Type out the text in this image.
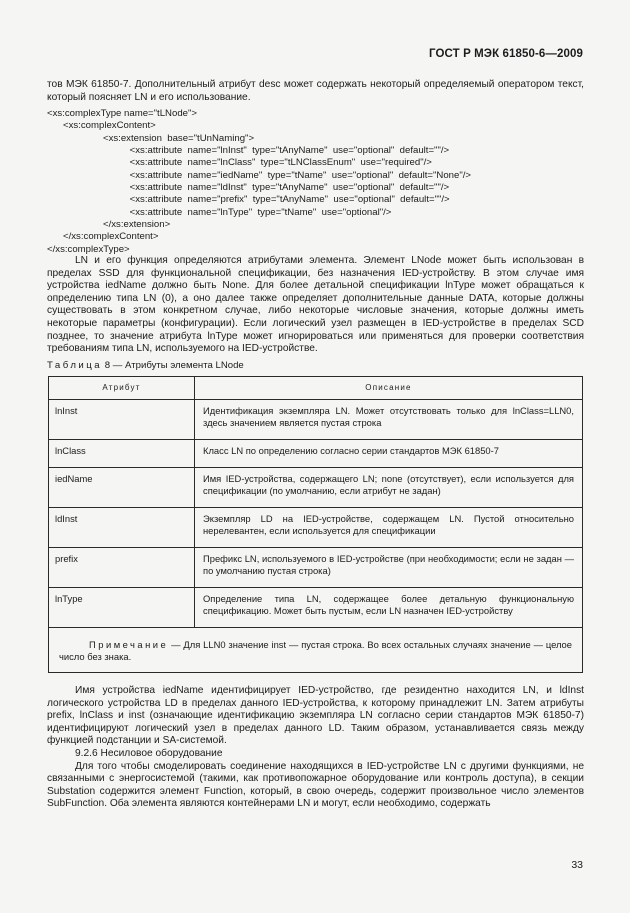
ГОСТ Р МЭК 61850-6—2009

тов МЭК 61850-7. Дополнительный атрибут desc может содержать некоторый определяемый оператором текст, который поясняет LN и его использование.

<xs:complexType name="tLNode">
<xs:complexContent>
<xs:extension  base="tUnNaming">
<xs:attribute  name="lnInst"  type="tAnyName"  use="optional"  default=""/>
<xs:attribute  name="lnClass"  type="tLNClassEnum"  use="required"/>
<xs:attribute  name="iedName"  type="tName"  use="optional"  default="None"/>
<xs:attribute  name="ldInst"  type="tAnyName"  use="optional"  default=""/>
<xs:attribute  name="prefix"  type="tAnyName"  use="optional"  default=""/>
<xs:attribute  name="lnType"  type="tName"  use="optional"/>
</xs:extension>
</xs:complexContent>
</xs:complexType>

LN и его функция определяются атрибутами элемента. Элемент LNode может быть использован в пределах SSD для функциональной спецификации, без назначения IED-устройству. В этом случае имя устройства iedName должно быть None. Для более детальной спецификации lnType может обращаться к определению типа LN (0), а оно далее также определяет дополнительные данные DATA, которые должны существовать в этом конкретном случае, либо некоторые числовые значения, которые должны иметь некоторые параметры (конфигурации). Если логический узел размещен в IED-устройстве в пределах SCD позднее, то значение атрибута lnType может игнорироваться или применяться для проверки соответствия требованиям типа LN, используемого на IED-устройстве.

Таблица 8 — Атрибуты элемента LNode
Атрибут	Описание
lnInst	Идентификация экземпляра LN. Может отсутствовать только для lnClass=LLN0, здесь значением является пустая строка
lnClass	Класс LN по определению согласно серии стандартов МЭК 61850-7
iedName	Имя IED-устройства, содержащего LN; none (отсутствует), если используется для спецификации (по умолчанию, если атрибут не задан)
ldInst	Экземпляр LD на IED-устройстве, содержащем LN. Пустой относительно нерелевантен, если используется для спецификации
prefix	Префикс LN, используемого в IED-устройстве (при необходимости; если не задан — по умолчанию пустая строка)
lnType	Определение типа LN, содержащее более детальную функциональную спецификацию. Может быть пустым, если LN назначен IED-устройству
Примечание — Для LLN0 значение inst — пустая строка. Во всех остальных случаях значение — целое число без знака.	

Имя устройства iedName идентифицирует IED-устройство, где резидентно находится LN, и ldInst логического устройства LD в пределах данного IED-устройства, к которому принадлежит LN. Затем атрибуты prefix, lnClass и inst (означающие идентификацию экземпляра LN согласно серии стандартов МЭК 61850-7) идентифицируют логический узел в пределах данного LD. Таким образом, устанавливается связь между функцией подстанции и SA-системой.

9.2.6 Несиловое оборудование

Для того чтобы смоделировать соединение находящихся в IED-устройстве LN с другими функциями, не связанными с энергосистемой (такими, как противопожарное оборудование или контроль доступа), в секции Substation содержится элемент Function, который, в свою очередь, содержит произвольное число элементов SubFunction. Оба элемента являются контейнерами LN и могут, если необходимо, содержать

33
